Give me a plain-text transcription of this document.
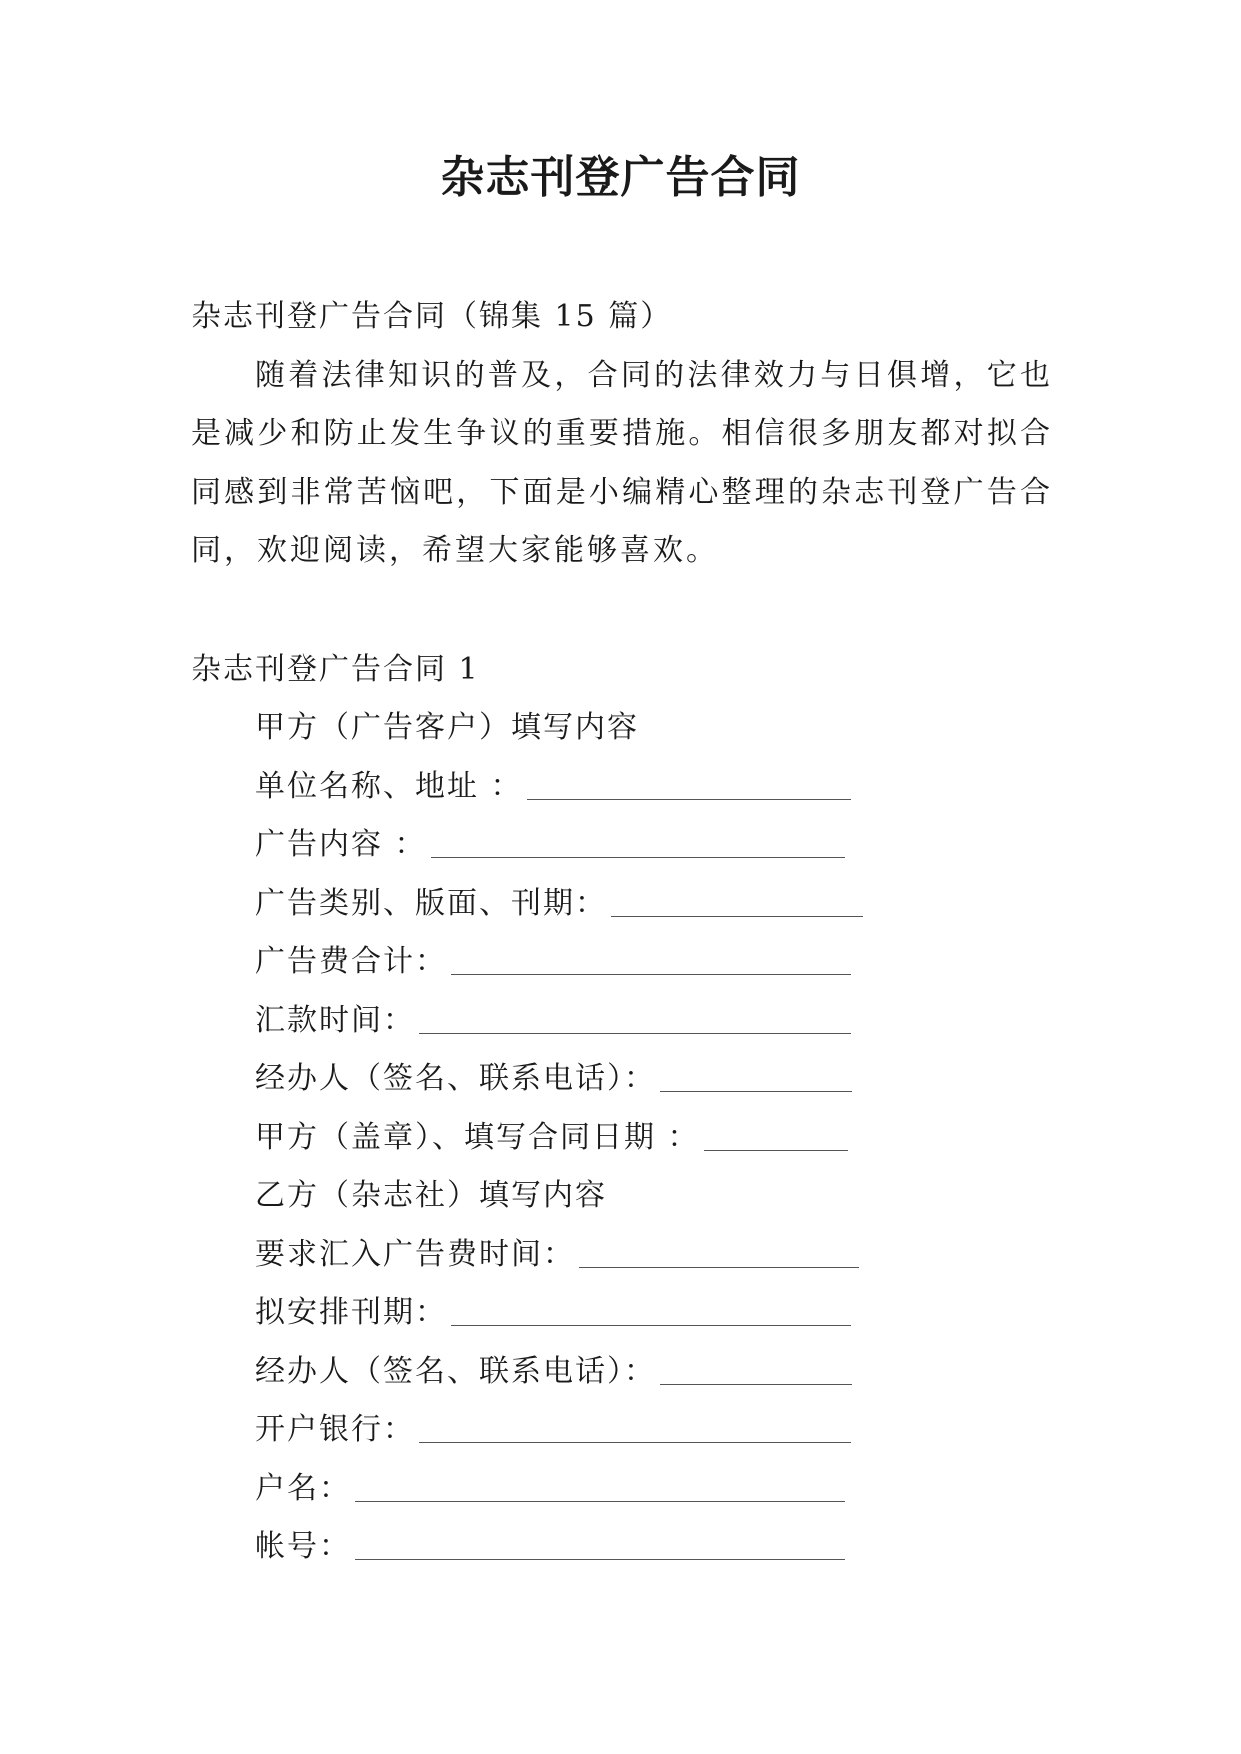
杂志刊登广告合同
杂志刊登广告合同（锦集 15 篇）

随着法律知识的普及，合同的法律效力与日俱增，它也是减少和防止发生争议的重要措施。相信很多朋友都对拟合同感到非常苦恼吧，下面是小编精心整理的杂志刊登广告合同，欢迎阅读，希望大家能够喜欢。

杂志刊登广告合同 1
甲方（广告客户）填写内容
单位名称、地址 ：
广告内容 ：
广告类别、版面、刊期：
广告费合计：
汇款时间：
经办人（签名、联系电话）：
甲方（盖章）、填写合同日期 ：
乙方（杂志社）填写内容
要求汇入广告费时间：
拟安排刊期：
经办人（签名、联系电话）：
开户银行：
户名：
帐号：
